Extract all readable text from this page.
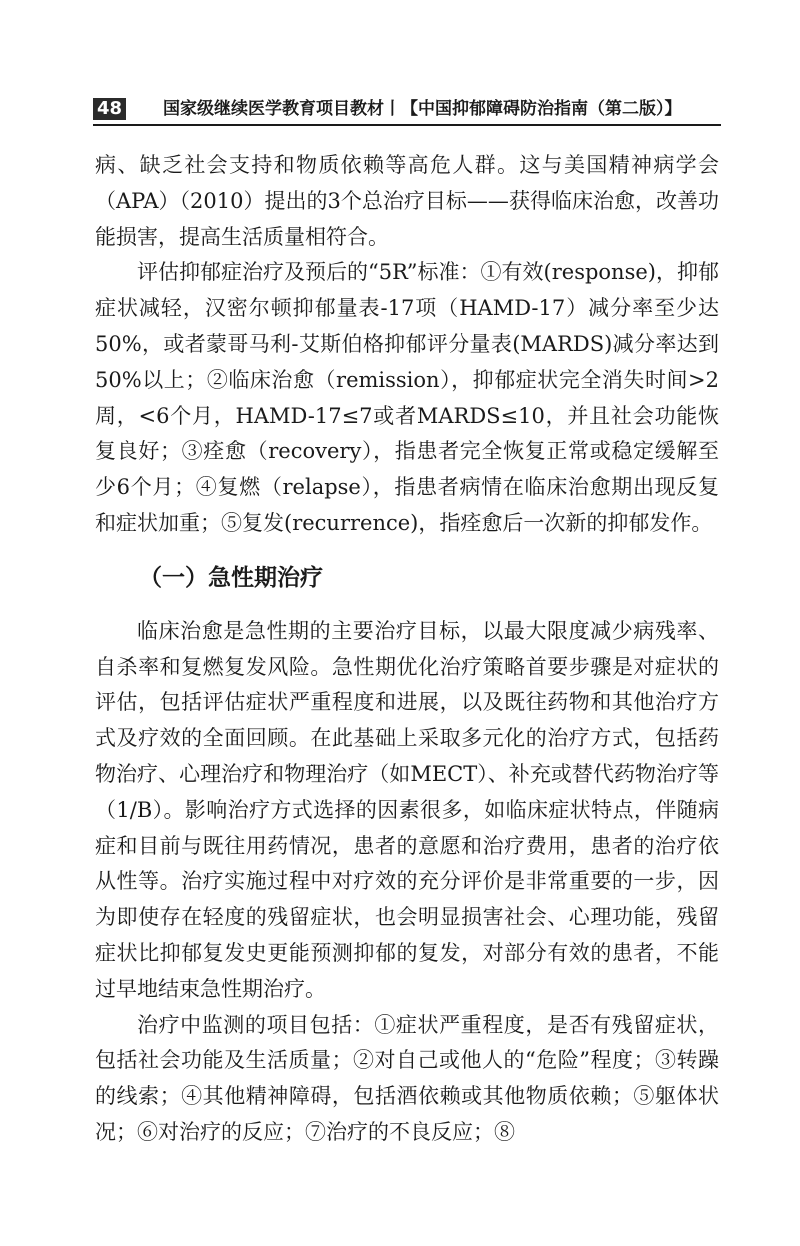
48 国家级继续医学教育项目教材丨【中国抑郁障碍防治指南（第二版）】

病、缺乏社会支持和物质依赖等高危人群。这与美国精神病学会（APA）（2010）提出的3个总治疗目标——获得临床治愈，改善功能损害，提高生活质量相符合。

评估抑郁症治疗及预后的“5R”标准：①有效(response)，抑郁症状减轻，汉密尔顿抑郁量表-17项（HAMD-17）减分率至少达50%，或者蒙哥马利-艾斯伯格抑郁评分量表(MARDS)减分率达到50%以上；②临床治愈（remission），抑郁症状完全消失时间>2周，<6个月，HAMD-17≤7或者MARDS≤10，并且社会功能恢复良好；③痊愈（recovery），指患者完全恢复正常或稳定缓解至少6个月；④复燃（relapse），指患者病情在临床治愈期出现反复和症状加重；⑤复发(recurrence)，指痊愈后一次新的抑郁发作。

（一）急性期治疗

临床治愈是急性期的主要治疗目标，以最大限度减少病残率、自杀率和复燃复发风险。急性期优化治疗策略首要步骤是对症状的评估，包括评估症状严重程度和进展，以及既往药物和其他治疗方式及疗效的全面回顾。在此基础上采取多元化的治疗方式，包括药物治疗、心理治疗和物理治疗（如MECT）、补充或替代药物治疗等（1/B）。影响治疗方式选择的因素很多，如临床症状特点，伴随病症和目前与既往用药情况，患者的意愿和治疗费用，患者的治疗依从性等。治疗实施过程中对疗效的充分评价是非常重要的一步，因为即使存在轻度的残留症状，也会明显损害社会、心理功能，残留症状比抑郁复发史更能预测抑郁的复发，对部分有效的患者，不能过早地结束急性期治疗。

治疗中监测的项目包括：①症状严重程度，是否有残留症状，包括社会功能及生活质量；②对自己或他人的“危险”程度；③转躁的线索；④其他精神障碍，包括酒依赖或其他物质依赖；⑤躯体状况；⑥对治疗的反应；⑦治疗的不良反应；⑧
